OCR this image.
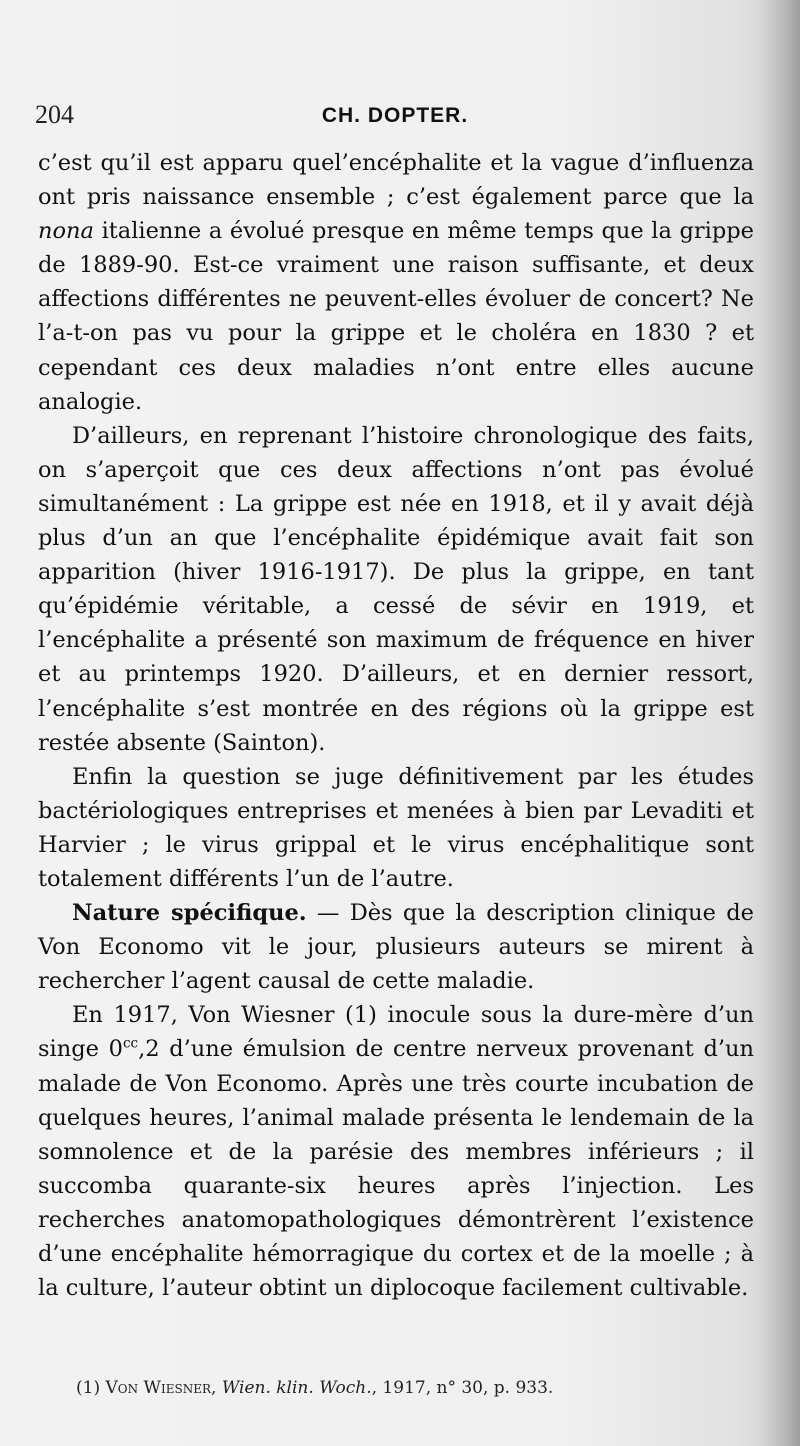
204	CH. DOPTER.

c’est qu’il est apparu quel’encéphalite et la vague d’influenza ont pris naissance ensemble ; c’est également parce que la nona italienne a évolué presque en même temps que la grippe de 1889-90. Est-ce vraiment une raison suffisante, et deux affections différentes ne peuvent-elles évoluer de concert? Ne l’a-t-on pas vu pour la grippe et le choléra en 1830 ? et cependant ces deux maladies n’ont entre elles aucune analogie.

D’ailleurs, en reprenant l’histoire chronologique des faits, on s’aperçoit que ces deux affections n’ont pas évolué simultanément : La grippe est née en 1918, et il y avait déjà plus d’un an que l’encéphalite épidémique avait fait son apparition (hiver 1916-1917). De plus la grippe, en tant qu’épidémie véritable, a cessé de sévir en 1919, et l’encéphalite a présenté son maximum de fréquence en hiver et au printemps 1920. D’ailleurs, et en dernier ressort, l’encéphalite s’est montrée en des régions où la grippe est restée absente (Sainton).

Enfin la question se juge définitivement par les études bactériologiques entreprises et menées à bien par Levaditi et Harvier ; le virus grippal et le virus encéphalitique sont totalement différents l’un de l’autre.

Nature spécifique. — Dès que la description clinique de Von Economo vit le jour, plusieurs auteurs se mirent à rechercher l’agent causal de cette maladie.

En 1917, Von Wiesner (1) inocule sous la dure-mère d’un singe $0^{cc},2$ d’une émulsion de centre nerveux provenant d’un malade de Von Economo. Après une très courte incubation de quelques heures, l’animal malade présenta le lendemain de la somnolence et de la parésie des membres inférieurs ; il succomba quarante-six heures après l’injection. Les recherches anatomopathologiques démontrèrent l’existence d’une encéphalite hémorragique du cortex et de la moelle ; à la culture, l’auteur obtint un diplocoque facilement cultivable.

(1) Von Wiesner, Wien. klin. Woch., 1917, n° 30, p. 933.
